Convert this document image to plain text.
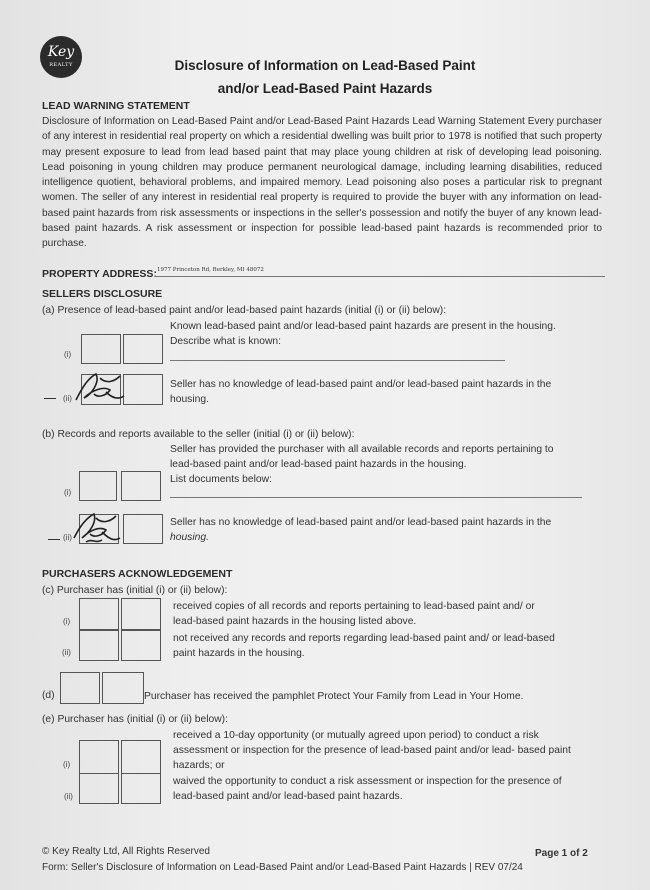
Key
REALTY	Disclosure of Information on Lead-Based Paint
and/or Lead-Based Paint Hazards
LEAD WARNING STATEMENT
Disclosure of Information on Lead-Based Paint and/or Lead-Based Paint Hazards Lead Warning Statement Every purchaser of any interest in residential real property on which a residential dwelling was built prior to 1978 is notified that such property may present exposure to lead from lead based paint that may place young children at risk of developing lead poisoning. Lead poisoning in young children may produce permanent neurological damage, including learning disabilities, reduced intelligence quotient, behavioral problems, and impaired memory. Lead poisoning also poses a particular risk to pregnant women. The seller of any interest in residential real property is required to provide the buyer with any information on lead-based paint hazards from risk assessments or inspections in the seller's possession and notify the buyer of any known lead-based paint hazards. A risk assessment or inspection for possible lead-based paint hazards is recommended prior to purchase.
PROPERTY ADDRESS: 1977 Princeton Rd, Berkley, MI 48072
SELLERS DISCLOSURE
(a) Presence of lead-based paint and/or lead-based paint hazards (initial (i) or (ii) below):
Known lead-based paint and/or lead-based paint hazards are present in the housing.
Describe what is known:
(i)
(ii)
Seller has no knowledge of lead-based paint and/or lead-based paint hazards in the
housing.
(b) Records and reports available to the seller (initial (i) or (ii) below):
Seller has provided the purchaser with all available records and reports pertaining to
lead-based paint and/or lead-based paint hazards in the housing.
List documents below:
(i)
(ii)
Seller has no knowledge of lead-based paint and/or lead-based paint hazards in the
housing.
PURCHASERS ACKNOWLEDGEMENT
(c) Purchaser has (initial (i) or (ii) below):
received copies of all records and reports pertaining to lead-based paint and/ or
lead-based paint hazards in the housing listed above.
(i)
not received any records and reports regarding lead-based paint and/ or lead-based
paint hazards in the housing.
(ii)
(d)	Purchaser has received the pamphlet Protect Your Family from Lead in Your Home.
(e) Purchaser has (initial (i) or (ii) below):
received a 10-day opportunity (or mutually agreed upon period) to conduct a risk
assessment or inspection for the presence of lead-based paint and/or lead- based paint
hazards; or
(i)
waived the opportunity to conduct a risk assessment or inspection for the presence of
lead-based paint and/or lead-based paint hazards.
(ii)
© Key Realty Ltd, All Rights Reserved
Form: Seller's Disclosure of Information on Lead-Based Paint and/or Lead-Based Paint Hazards | REV 07/24
Page 1 of 2
